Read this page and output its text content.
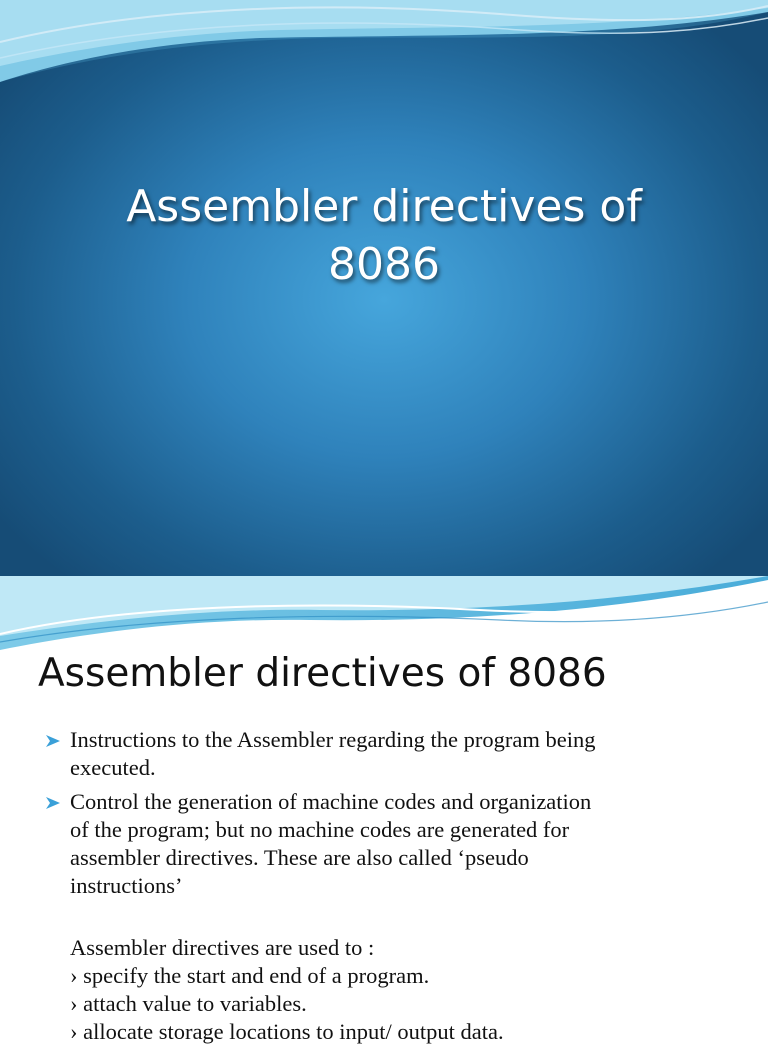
Assembler directives of
8086
Assembler directives of 8086
Instructions to the Assembler regarding the program being
executed.
Control the generation of machine codes and organization
of the program; but no machine codes are generated for
assembler directives. These are also called ‘pseudo
instructions’
Assembler directives are used to :
› specify the start and end of a program.
› attach value to variables.
› allocate storage locations to input/ output data.
